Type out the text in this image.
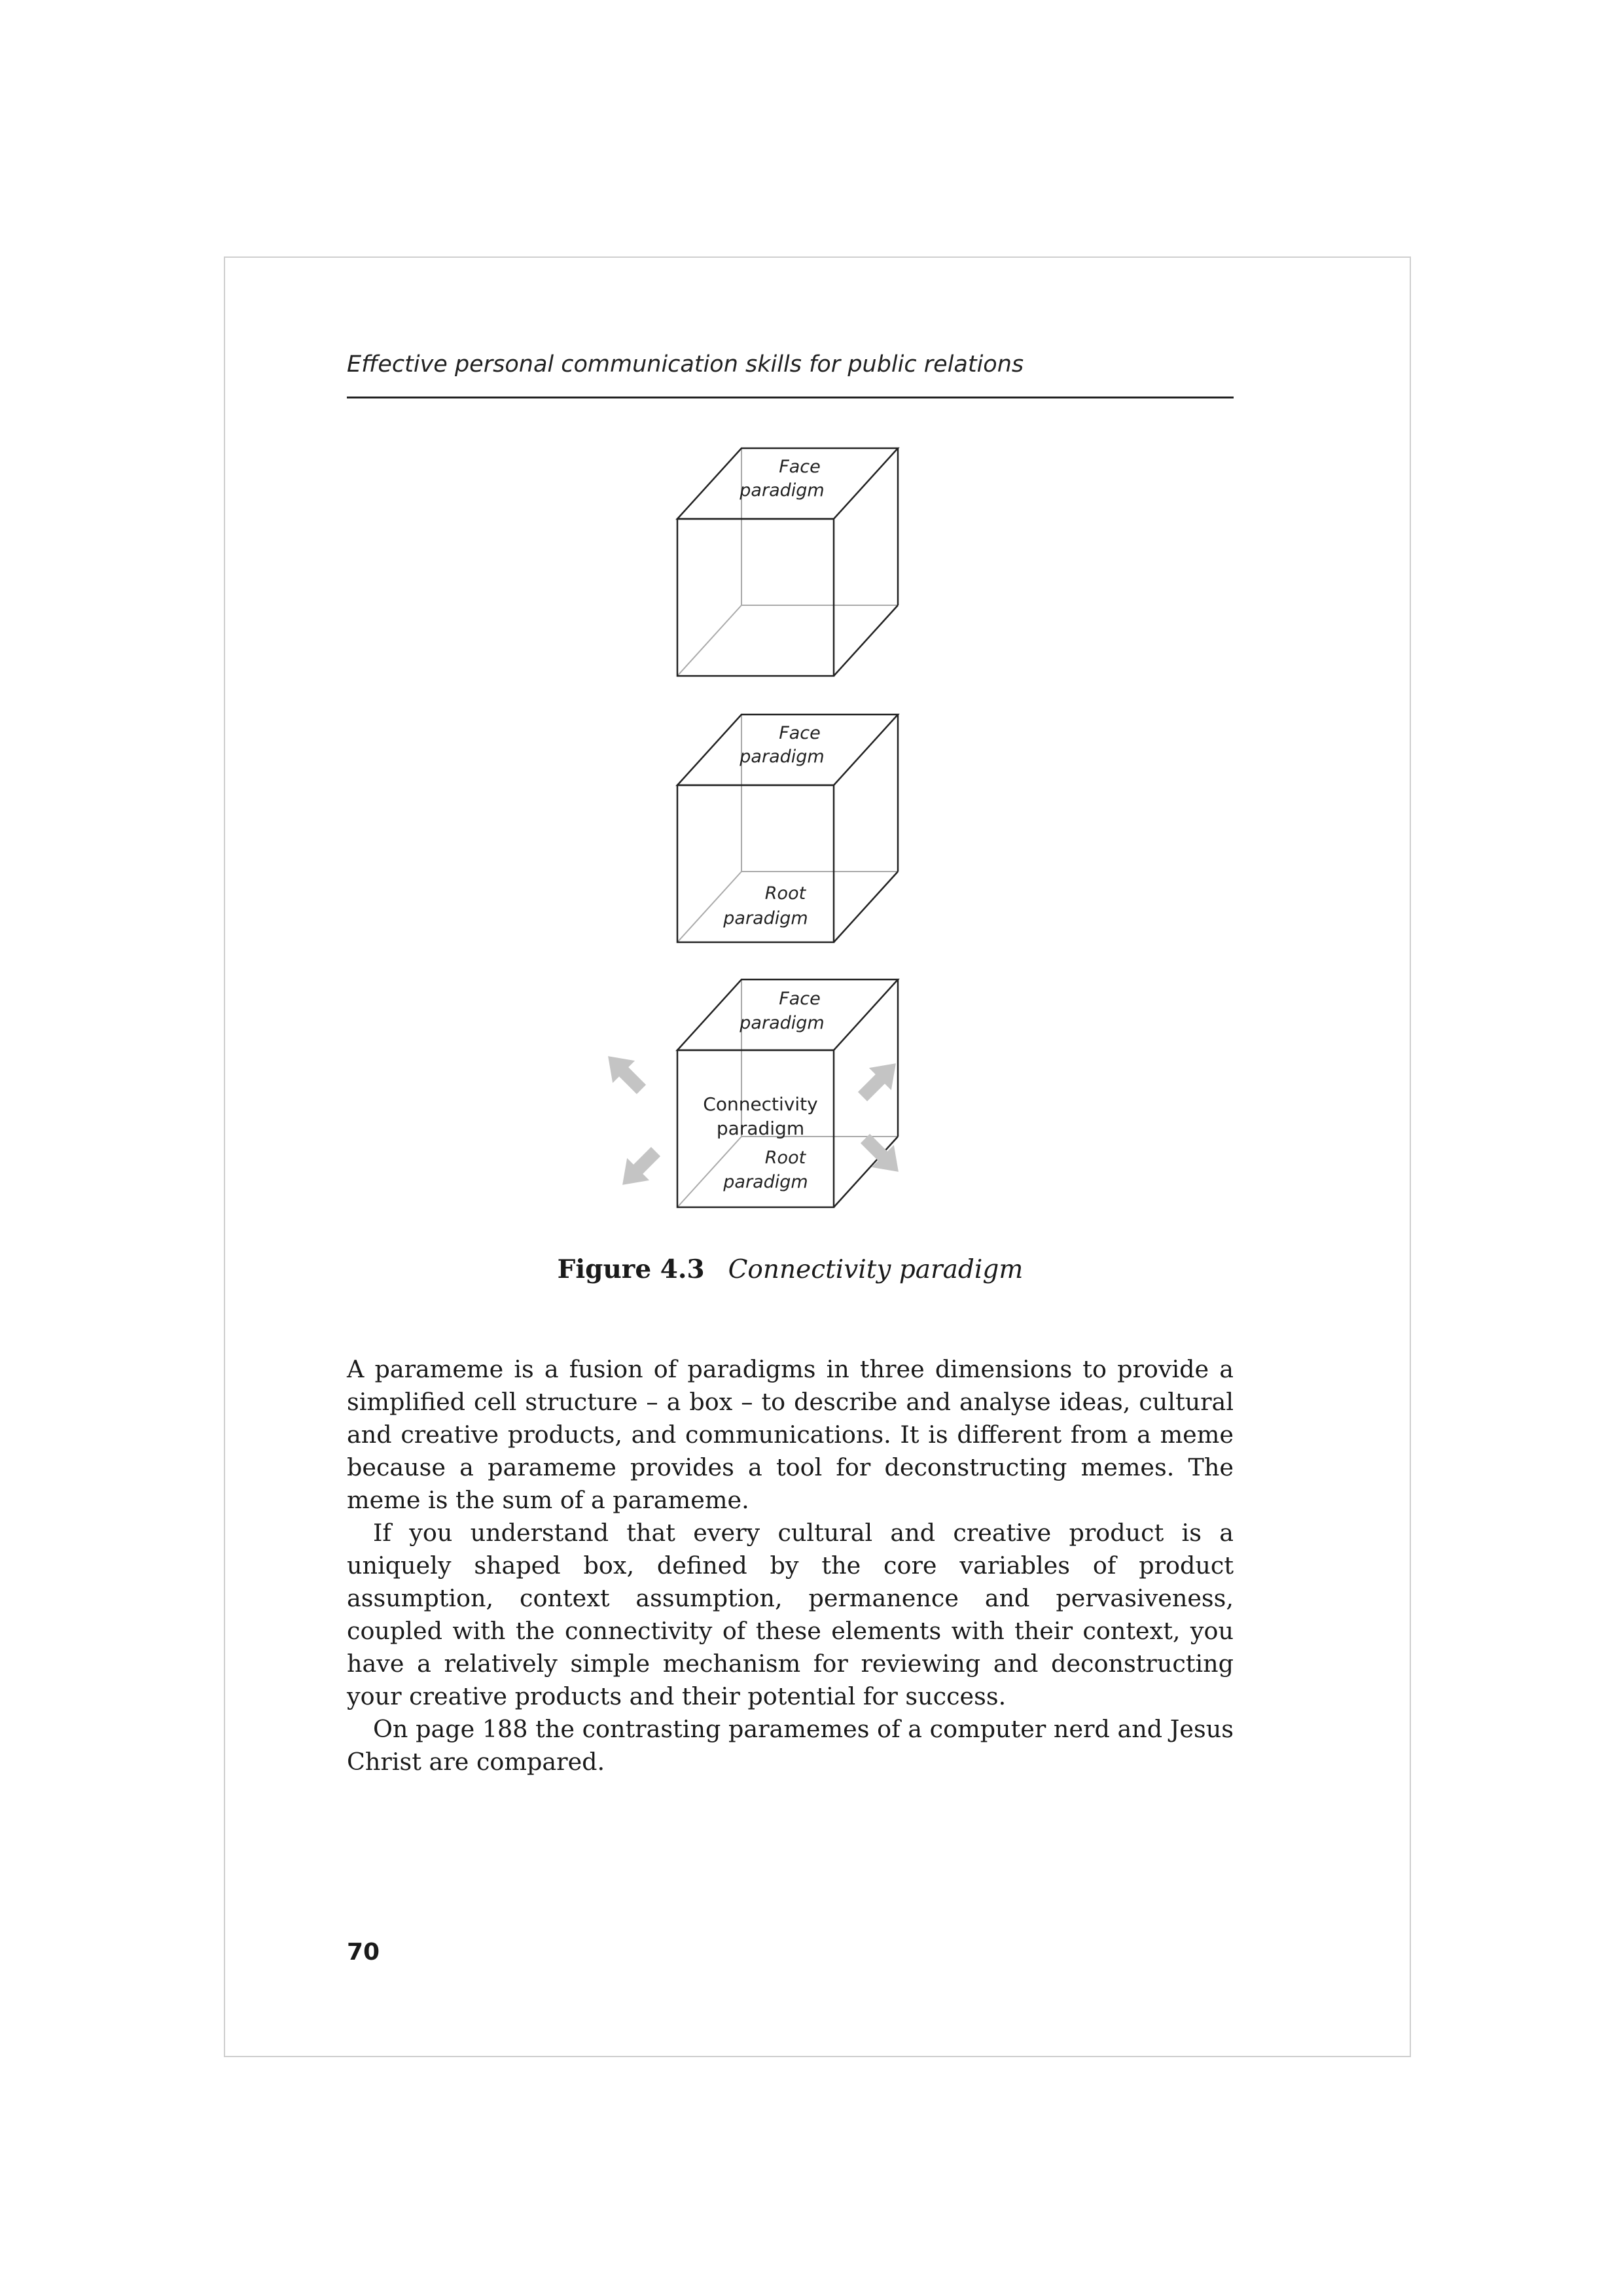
Effective personal communication skills for public relations
Face
paradigm
Face
paradigm
Root
paradigm
Face
paradigm
Connectivity
paradigm
Root
paradigm
Figure 4.3 Connectivity paradigm

A parameme is a fusion of paradigms in three dimensions to provide a simplified cell structure – a box – to describe and analyse ideas, cultural and creative products, and communications. It is different from a meme because a parameme provides a tool for deconstructing memes. The meme is the sum of a parameme.

If you understand that every cultural and creative product is a uniquely shaped box, defined by the core variables of product assumption, context assumption, permanence and pervasiveness, coupled with the connectivity of these elements with their context, you have a relatively simple mechanism for reviewing and deconstructing your creative products and their potential for success.

On page 188 the contrasting paramemes of a computer nerd and Jesus Christ are compared.

70
